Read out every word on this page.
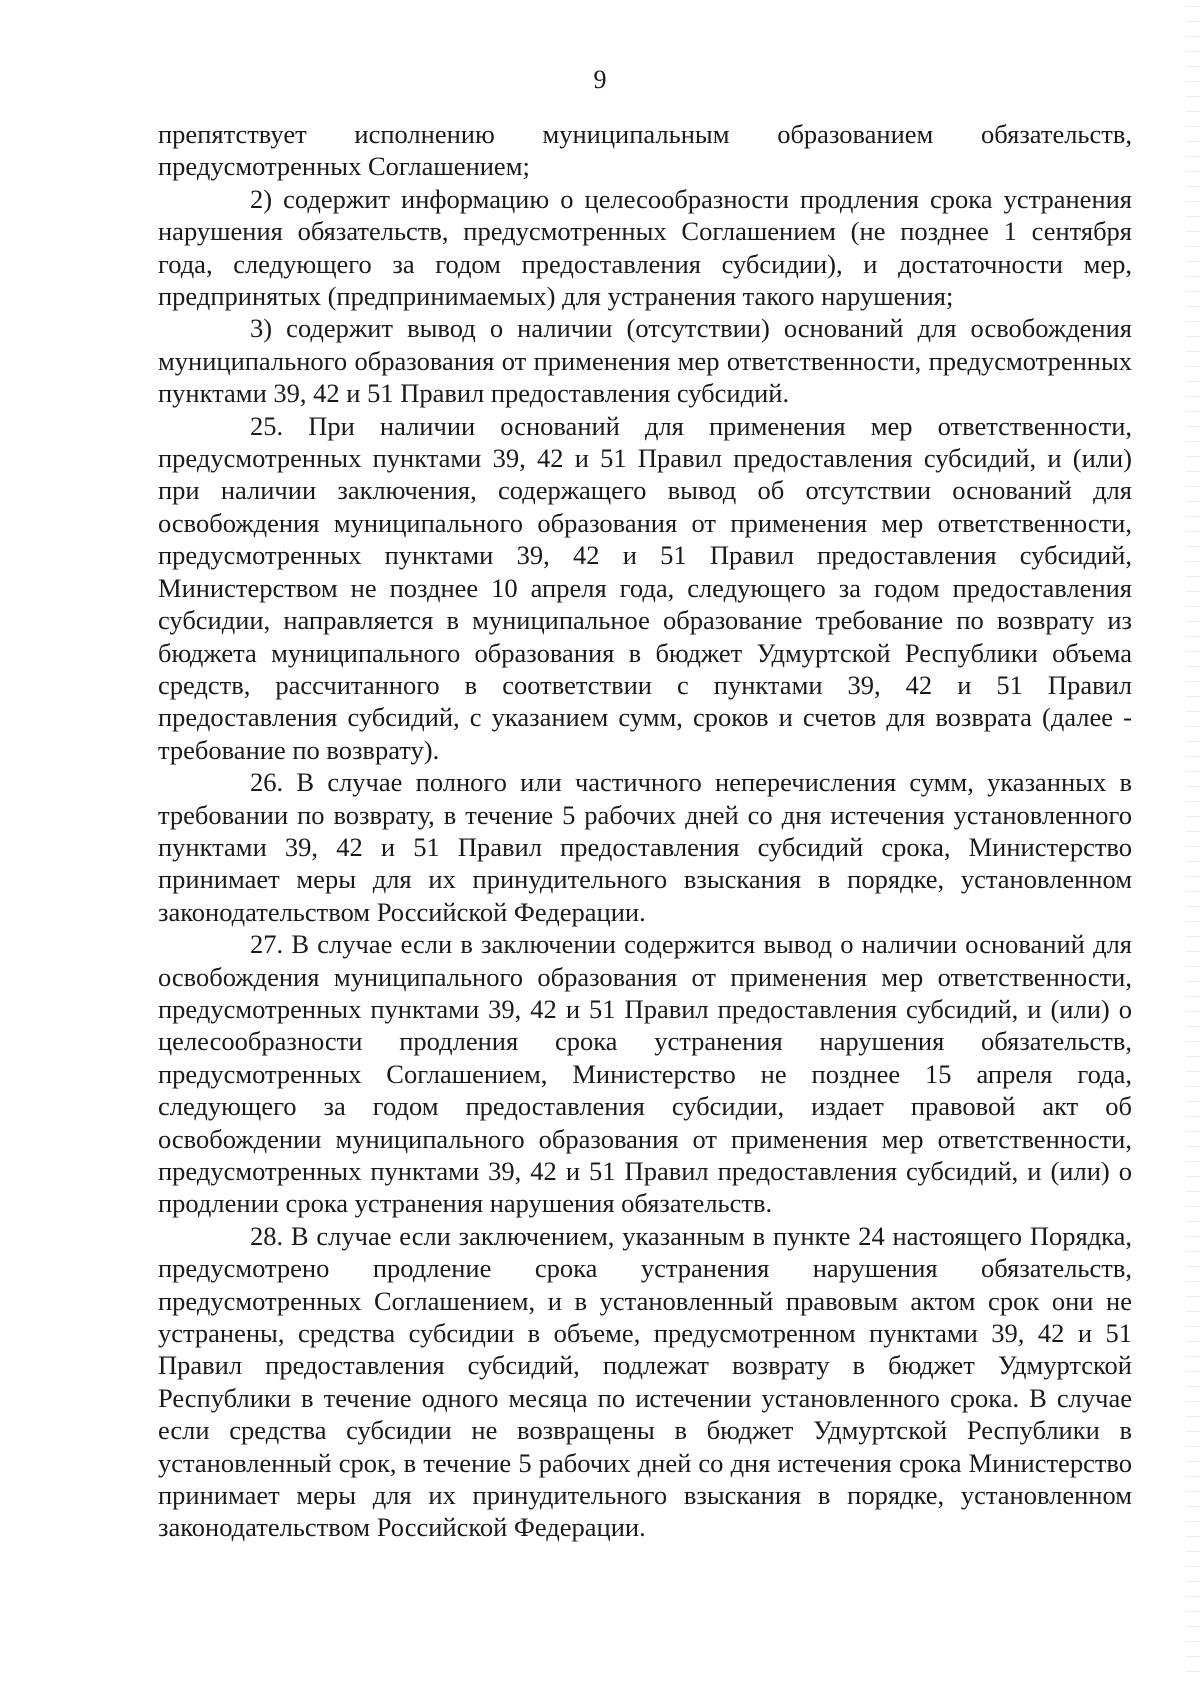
9

препятствует исполнению муниципальным образованием обязательств, предусмотренных Соглашением;

2) содержит информацию о целесообразности продления срока устранения нарушения обязательств, предусмотренных Соглашением (не позднее 1 сентября года, следующего за годом предоставления субсидии), и достаточности мер, предпринятых (предпринимаемых) для устранения такого нарушения;

3) содержит вывод о наличии (отсутствии) оснований для освобождения муниципального образования от применения мер ответственности, предусмотренных пунктами 39, 42 и 51 Правил предоставления субсидий.

25. При наличии оснований для применения мер ответственности, предусмотренных пунктами 39, 42 и 51 Правил предоставления субсидий, и (или) при наличии заключения, содержащего вывод об отсутствии оснований для освобождения муниципального образования от применения мер ответственности, предусмотренных пунктами 39, 42 и 51 Правил предоставления субсидий, Министерством не позднее 10 апреля года, следующего за годом предоставления субсидии, направляется в муниципальное образование требование по возврату из бюджета муниципального образования в бюджет Удмуртской Республики объема средств, рассчитанного в соответствии с пунктами 39, 42 и 51 Правил предоставления субсидий, с указанием сумм, сроков и счетов для возврата (далее - требование по возврату).

26. В случае полного или частичного неперечисления сумм, указанных в требовании по возврату, в течение 5 рабочих дней со дня истечения установленного пунктами 39, 42 и 51 Правил предоставления субсидий срока, Министерство принимает меры для их принудительного взыскания в порядке, установленном законодательством Российской Федерации.

27. В случае если в заключении содержится вывод о наличии оснований для освобождения муниципального образования от применения мер ответственности, предусмотренных пунктами 39, 42 и 51 Правил предоставления субсидий, и (или) о целесообразности продления срока устранения нарушения обязательств, предусмотренных Соглашением, Министерство не позднее 15 апреля года, следующего за годом предоставления субсидии, издает правовой акт об освобождении муниципального образования от применения мер ответственности, предусмотренных пунктами 39, 42 и 51 Правил предоставления субсидий, и (или) о продлении срока устранения нарушения обязательств.

28. В случае если заключением, указанным в пункте 24 настоящего Порядка, предусмотрено продление срока устранения нарушения обязательств, предусмотренных Соглашением, и в установленный правовым актом срок они не устранены, средства субсидии в объеме, предусмотренном пунктами 39, 42 и 51 Правил предоставления субсидий, подлежат возврату в бюджет Удмуртской Республики в течение одного месяца по истечении установленного срока. В случае если средства субсидии не возвращены в бюджет Удмуртской Республики в установленный срок, в течение 5 рабочих дней со дня истечения срока Министерство принимает меры для их принудительного взыскания в порядке, установленном законодательством Российской Федерации.
